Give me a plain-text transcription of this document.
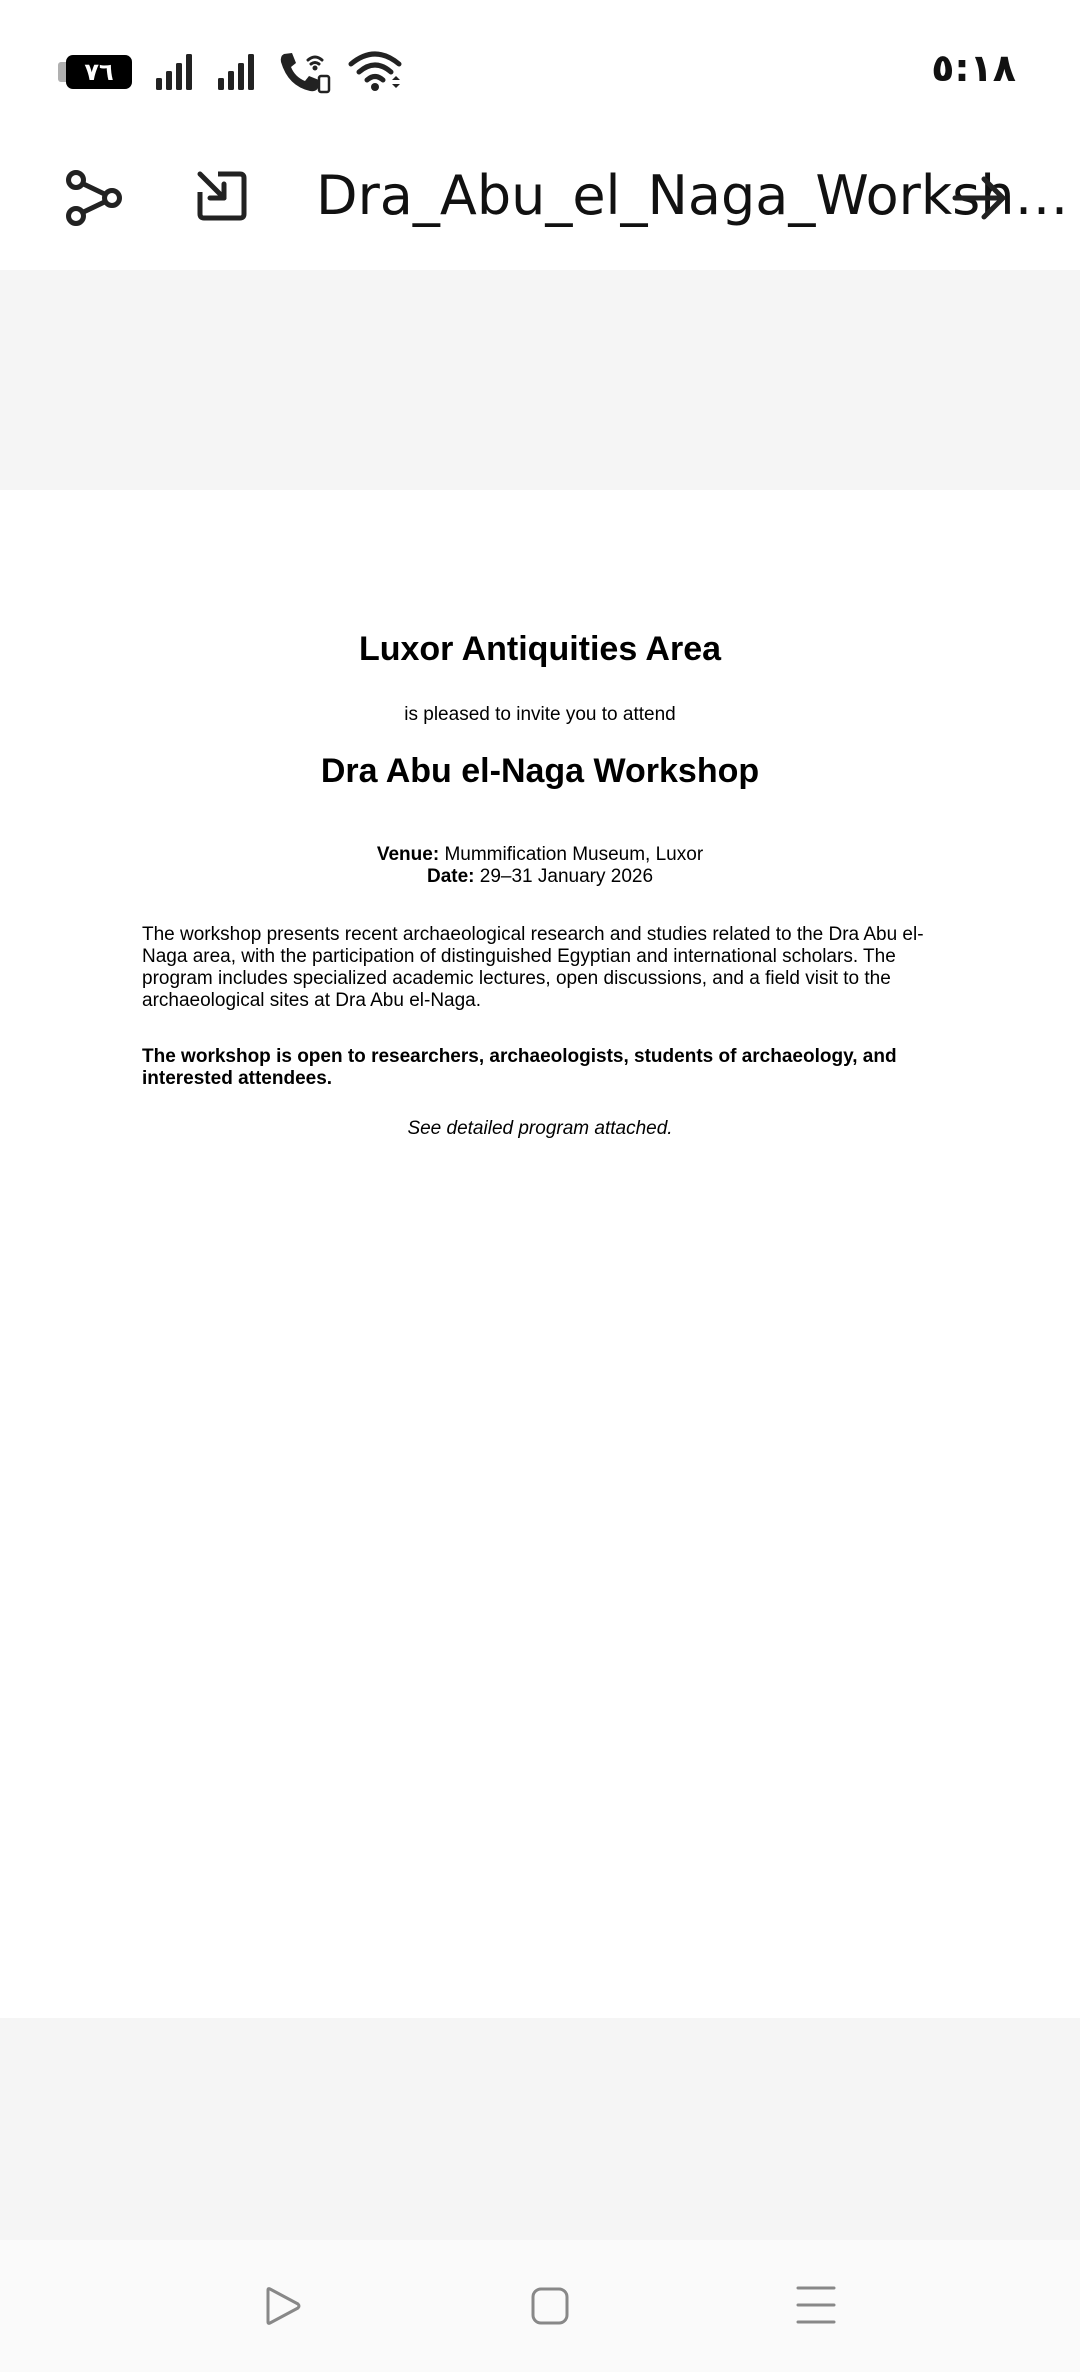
٧٦	٥:١٨
Dra_Abu_el_Naga_Worksh…
Luxor Antiquities Area
is pleased to invite you to attend
Dra Abu el-Naga Workshop
Venue: Mummification Museum, Luxor
Date: 29–31 January 2026
The workshop presents recent archaeological research and studies related to the Dra Abu el-Naga area, with the participation of distinguished Egyptian and international scholars. The program includes specialized academic lectures, open discussions, and a field visit to the archaeological sites at Dra Abu el-Naga.
The workshop is open to researchers, archaeologists, students of archaeology, and interested attendees.
See detailed program attached.
